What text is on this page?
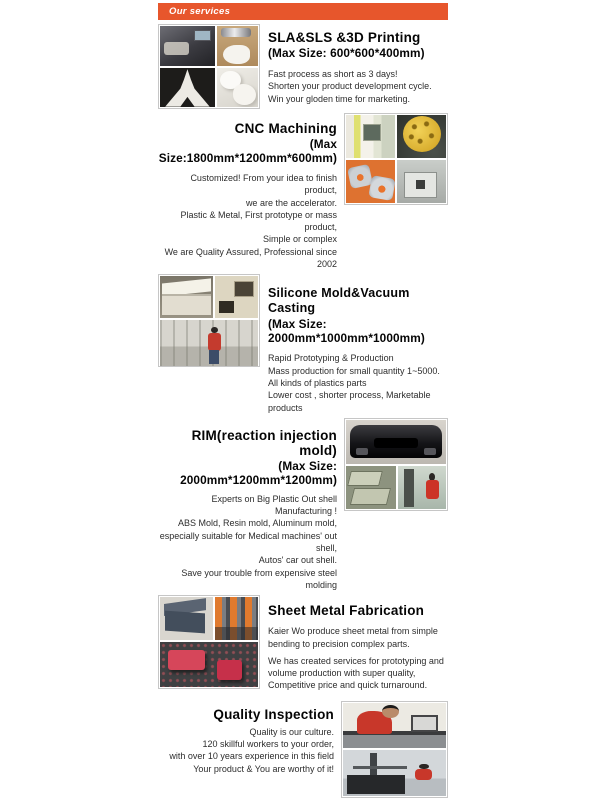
Our services
SLA&SLS &3D Printing
(Max Size: 600*600*400mm)
Fast process as short as 3 days!
Shorten your product development cycle.
Win your gloden time for marketing.
CNC Machining
(Max Size:1800mm*1200mm*600mm)
Customized! From your idea to finish product,
we are the accelerator.
Plastic & Metal, First prototype or mass product,
Simple or complex
We are Quality Assured, Professional since 2002
Silicone Mold&Vacuum Casting
(Max Size: 2000mm*1000mm*1000mm)
Rapid Prototyping & Production
Mass production for small quantity 1~5000.
All kinds of plastics parts
Lower cost , shorter process, Marketable products
RIM(reaction injection mold)
(Max Size: 2000mm*1200mm*1200mm)
Experts on Big Plastic Out shell Manufacturing !
ABS Mold, Resin mold, Aluminum mold,
especially suitable for Medical machines' out shell,
Autos' car out shell.
Save your trouble from expensive steel molding
Sheet Metal Fabrication

Kaier Wo produce sheet metal from simple bending to precision complex parts.

We has created services for prototyping and volume production with super quality, Competitive price and quick turnaround.

Quality Inspection
Quality is our culture.
120 skillful workers to your order,
with over 10 years experience in this field
Your product & You are worthy of it!
